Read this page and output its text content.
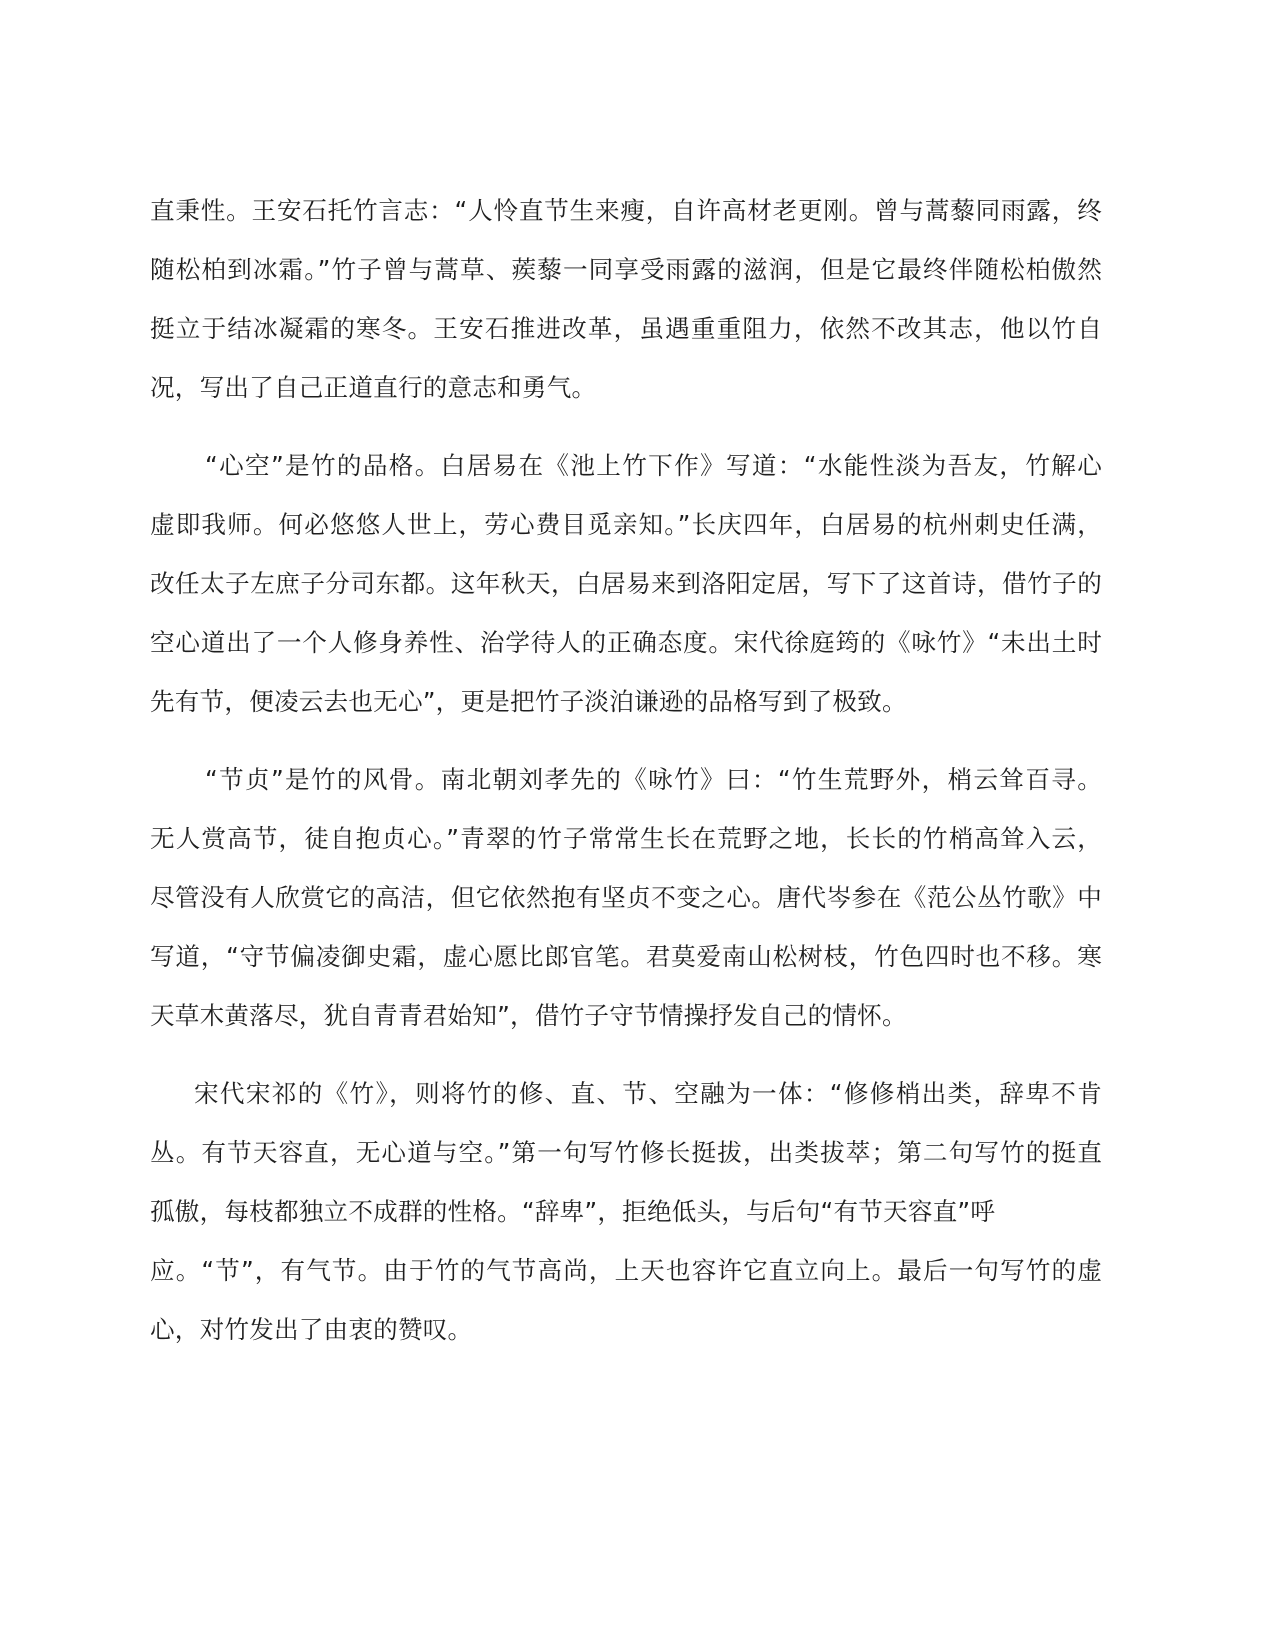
直秉性。王安石托竹言志：“人怜直节生来瘦，自许高材老更刚。曾与蒿藜同雨露，终
随松柏到冰霜。”竹子曾与蒿草、蒺藜一同享受雨露的滋润，但是它最终伴随松柏傲然
挺立于结冰凝霜的寒冬。王安石推进改革，虽遇重重阻力，依然不改其志，他以竹自
况，写出了自己正道直行的意志和勇气。
“心空”是竹的品格。白居易在《池上竹下作》写道：“水能性淡为吾友，竹解心
虚即我师。何必悠悠人世上，劳心费目觅亲知。”长庆四年，白居易的杭州刺史任满，
改任太子左庶子分司东都。这年秋天，白居易来到洛阳定居，写下了这首诗，借竹子的
空心道出了一个人修身养性、治学待人的正确态度。宋代徐庭筠的《咏竹》“未出土时
先有节，便凌云去也无心”，更是把竹子淡泊谦逊的品格写到了极致。
“节贞”是竹的风骨。南北朝刘孝先的《咏竹》曰：“竹生荒野外，梢云耸百寻。
无人赏高节，徒自抱贞心。”青翠的竹子常常生长在荒野之地，长长的竹梢高耸入云，
尽管没有人欣赏它的高洁，但它依然抱有坚贞不变之心。唐代岑参在《范公丛竹歌》中
写道，“守节偏凌御史霜，虚心愿比郎官笔。君莫爱南山松树枝，竹色四时也不移。寒
天草木黄落尽，犹自青青君始知”，借竹子守节情操抒发自己的情怀。
宋代宋祁的《竹》，则将竹的修、直、节、空融为一体：“修修梢出类，辞卑不肯
丛。有节天容直，无心道与空。”第一句写竹修长挺拔，出类拔萃；第二句写竹的挺直
孤傲，每枝都独立不成群的性格。“辞卑”，拒绝低头，与后句“有节天容直”呼
应。“节”，有气节。由于竹的气节高尚，上天也容许它直立向上。最后一句写竹的虚
心，对竹发出了由衷的赞叹。
